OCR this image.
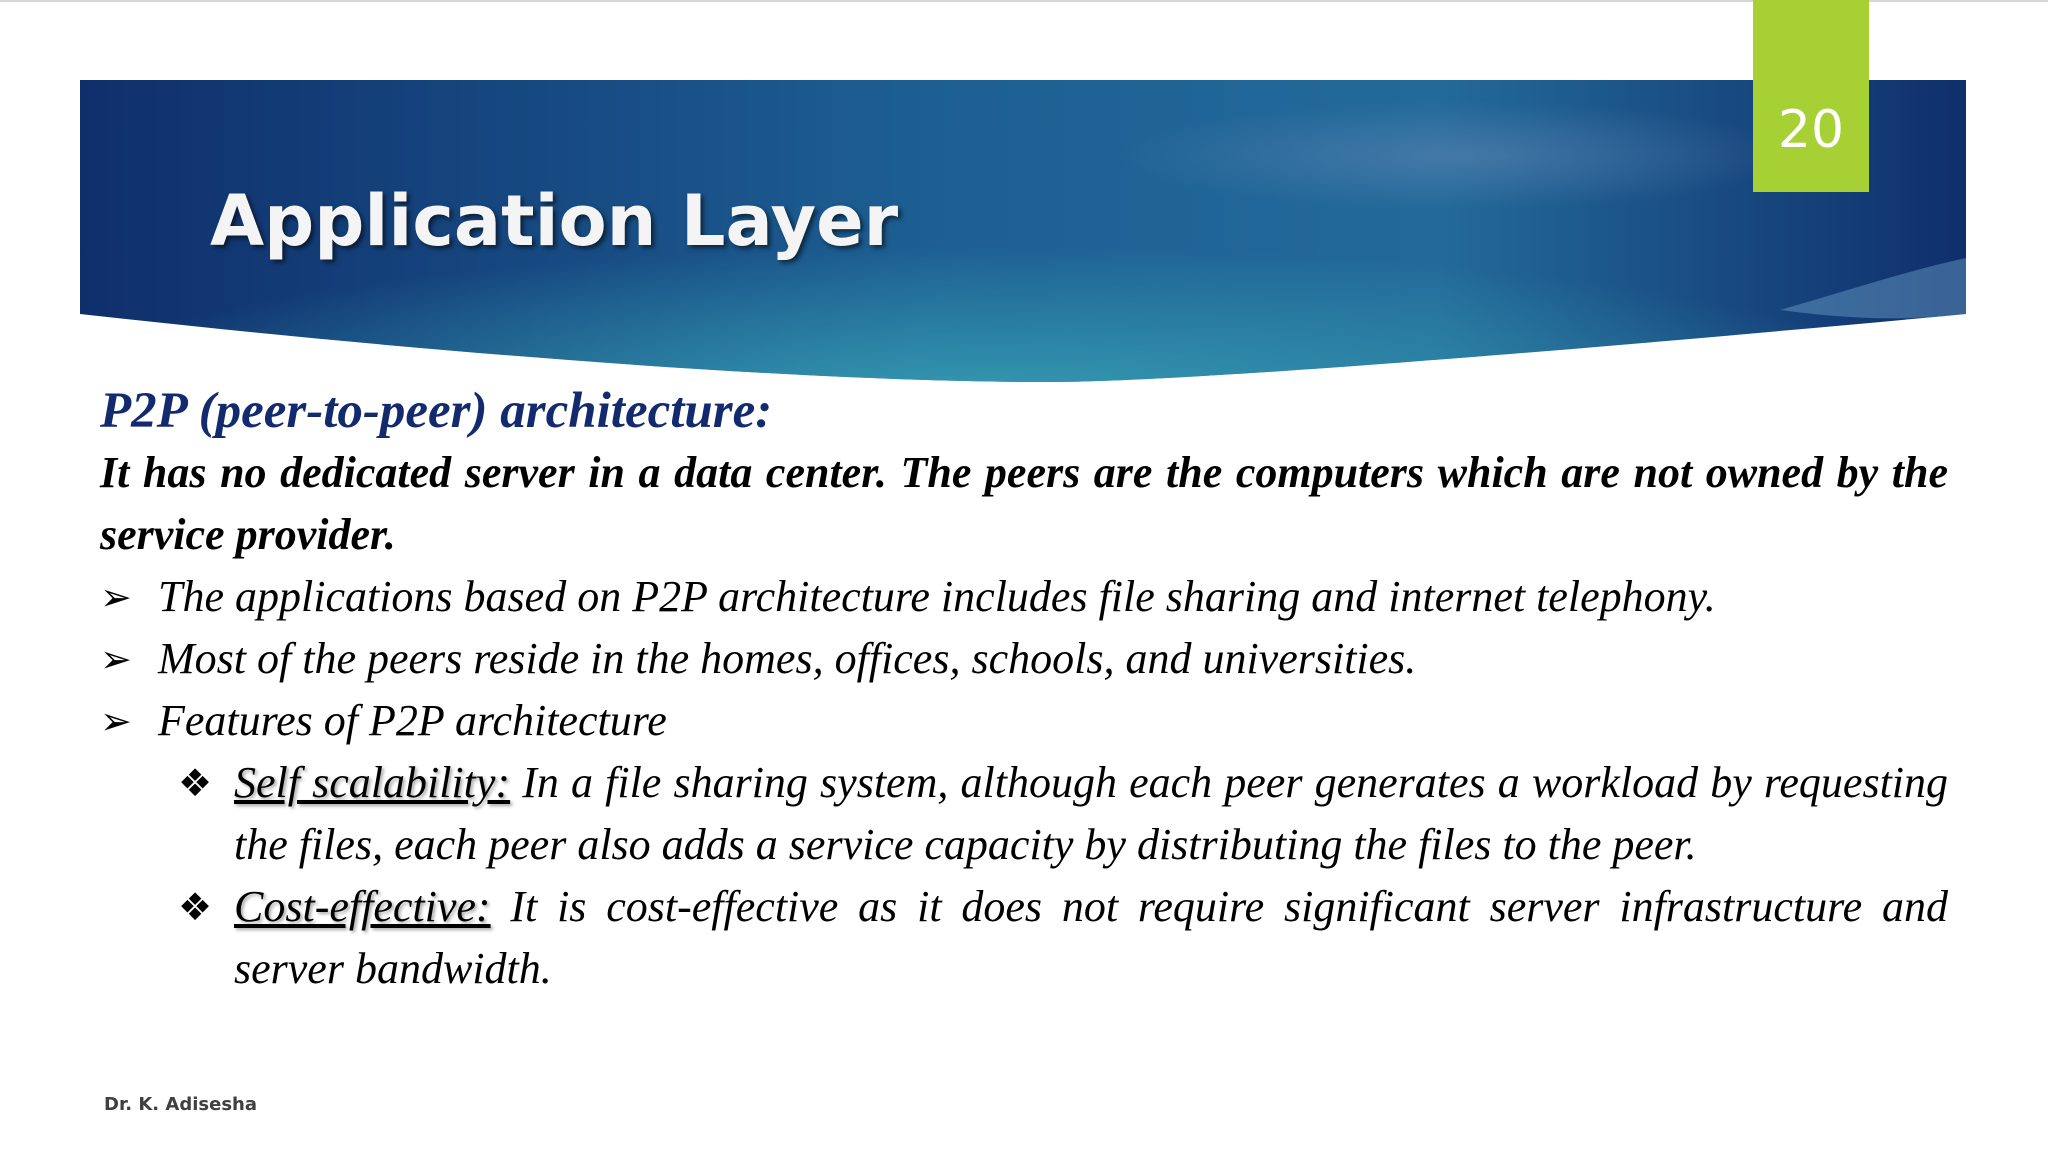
20
Application Layer

P2P (peer-to-peer) architecture:

It has no dedicated server in a data center. The peers are the computers which are not owned by the service provider.

➢ The applications based on P2P architecture includes file sharing and internet telephony.
➢ Most of the peers reside in the homes, offices, schools, and universities.
➢ Features of P2P architecture
❖ Self scalability: In a file sharing system, although each peer generates a workload by requesting the files, each peer also adds a service capacity by distributing the files to the peer.
❖ Cost-effective: It is cost-effective as it does not require significant server infrastructure and server bandwidth.
Dr. K. Adisesha
